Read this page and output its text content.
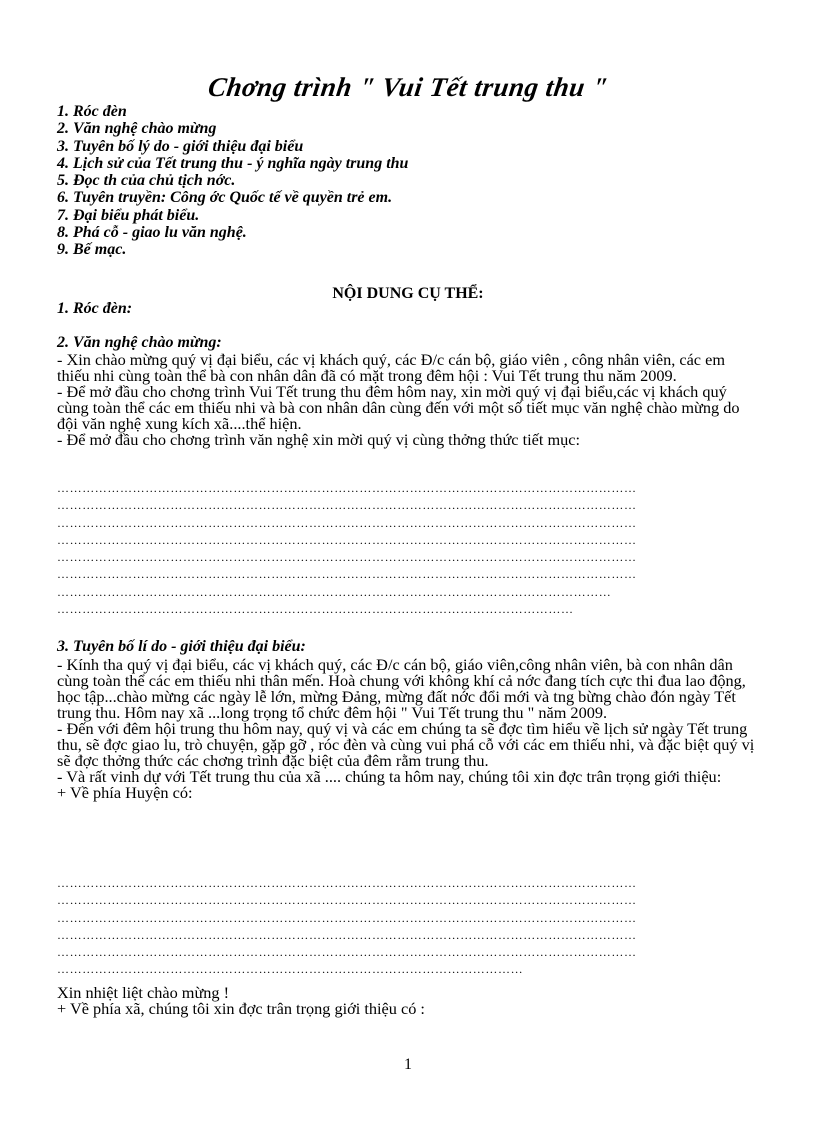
Chơng trình " Vui Tết trung thu "
1. Róc đèn
2. Văn nghệ chào mừng
3. Tuyên bố lý do - giới thiệu đại biểu
4. Lịch sử của Tết trung thu - ý nghĩa ngày trung thu
5. Đọc th của chủ tịch nớc.
6. Tuyên truyền: Công ớc Quốc tế về quyền trẻ em.
7. Đại biểu phát biểu.
8. Phá cỗ - giao lu văn nghệ.
9. Bế mạc.
NỘI DUNG CỤ THỂ:
1. Róc đèn:
2. Văn nghệ chào mừng:

- Xin chào mừng quý vị đại biểu, các vị khách quý, các Đ/c cán bộ, giáo viên , công nhân viên, các em thiếu nhi cùng toàn thể bà con nhân dân đã có mặt trong đêm hội : Vui Tết trung thu năm 2009.

- Để mở đầu cho chơng trình Vui Tết trung thu đêm hôm nay, xin mời quý vị đại biểu,các vị khách quý cùng toàn thể các em thiếu nhi và bà con nhân dân cùng đến với một số tiết mục văn nghệ chào mừng do đội văn nghệ xung kích xã....thể hiện.

- Để mở đầu cho chơng trình văn nghệ xin mời quý vị cùng thởng thức tiết mục:

…………………………………………………………………………………………………………………………
…………………………………………………………………………………………………………………………
…………………………………………………………………………………………………………………………
…………………………………………………………………………………………………………………………
…………………………………………………………………………………………………………………………
…………………………………………………………………………………………………………………………
……………………………………………………………………………………………………………………
……………………………………………………………………………………………………………
3. Tuyên bố lí do - giới thiệu đại biểu:

- Kính tha quý vị đại biểu, các vị khách quý, các Đ/c cán bộ, giáo viên,công nhân viên, bà con nhân dân cùng toàn thể các em thiếu nhi thân mến. Hoà chung với không khí cả nớc đang tích cực thi đua lao động, học tập...chào mừng các ngày lễ lớn, mừng Đảng, mừng đất nớc đổi mới và tng bừng chào đón ngày Tết trung thu. Hôm nay xã ...long trọng tổ chức đêm hội " Vui Tết trung thu " năm 2009.

- Đến với đêm hội trung thu hôm nay, quý vị và các em chúng ta sẽ đợc tìm hiểu về lịch sử ngày Tết trung thu, sẽ đợc giao lu, trò chuyện, gặp gỡ , róc đèn và cùng vui phá cỗ với các em thiếu nhi, và đặc biệt quý vị sẽ đợc thởng thức các chơng trình đặc biệt của đêm rằm trung thu.

- Và rất vinh dự với Tết trung thu của xã .... chúng ta hôm nay, chúng tôi xin đợc trân trọng giới thiệu:

+ Về phía Huyện có:

…………………………………………………………………………………………………………………………
…………………………………………………………………………………………………………………………
…………………………………………………………………………………………………………………………
…………………………………………………………………………………………………………………………
…………………………………………………………………………………………………………………………
…………………………………………………………………………………………………

Xin nhiệt liệt chào mừng !

+ Về phía xã, chúng tôi xin đợc trân trọng giới thiệu có :

1
